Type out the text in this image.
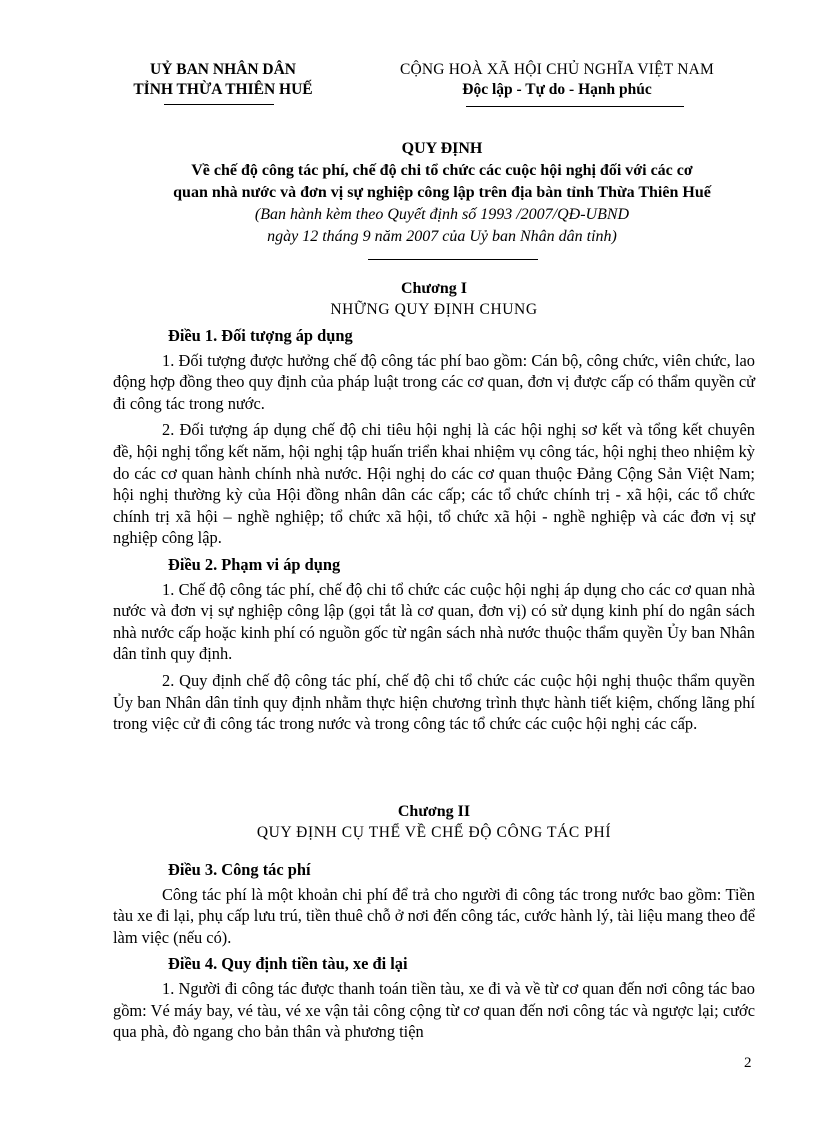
UỶ BAN NHÂN DÂN
TỈNH THỪA THIÊN HUẾ
CỘNG HOÀ XÃ HỘI CHỦ NGHĨA VIỆT NAM
Độc lập - Tự do - Hạnh phúc
QUY ĐỊNH
Về chế độ công tác phí, chế độ chi tổ chức các cuộc hội nghị đối với các cơ
quan nhà nước và đơn vị sự nghiệp công lập trên địa bàn tỉnh Thừa Thiên Huế
(Ban hành kèm theo Quyết định số 1993 /2007/QĐ-UBND
ngày 12 tháng 9 năm 2007 của Uỷ ban Nhân dân tỉnh)
Chương I
NHỮNG QUY ĐỊNH CHUNG
Điều 1. Đối tượng áp dụng

1. Đối tượng được hưởng chế độ công tác phí bao gồm: Cán bộ, công chức, viên chức, lao động hợp đồng theo quy định của pháp luật trong các cơ quan, đơn vị được cấp có thẩm quyền cử đi công tác trong nước.

2. Đối tượng áp dụng chế độ chi tiêu hội nghị là các hội nghị sơ kết và tổng kết chuyên đề, hội nghị tổng kết năm, hội nghị tập huấn triển khai nhiệm vụ công tác, hội nghị theo nhiệm kỳ do các cơ quan hành chính nhà nước. Hội nghị do các cơ quan thuộc Đảng Cộng Sản Việt Nam; hội nghị thường kỳ của Hội đồng nhân dân các cấp; các tổ chức chính trị - xã hội, các tổ chức chính trị xã hội – nghề nghiệp; tổ chức xã hội, tổ chức xã hội - nghề nghiệp và các đơn vị sự nghiệp công lập.

Điều 2. Phạm vi áp dụng

1. Chế độ công tác phí, chế độ chi tổ chức các cuộc hội nghị áp dụng cho các cơ quan nhà nước và đơn vị sự nghiệp công lập (gọi tắt là cơ quan, đơn vị) có sử dụng kinh phí do ngân sách nhà nước cấp hoặc kinh phí có nguồn gốc từ ngân sách nhà nước thuộc thẩm quyền Ủy ban Nhân dân tỉnh quy định.

2. Quy định chế độ công tác phí, chế độ chi tổ chức các cuộc hội nghị thuộc thẩm quyền Ủy ban Nhân dân tỉnh quy định nhằm thực hiện chương trình thực hành tiết kiệm, chống lãng phí trong việc cử đi công tác trong nước và trong công tác tổ chức các cuộc hội nghị các cấp.

Chương II
QUY ĐỊNH CỤ THỂ VỀ CHẾ ĐỘ CÔNG TÁC PHÍ
Điều 3. Công tác phí

Công tác phí là một khoản chi phí để trả cho người đi công tác trong nước bao gồm: Tiền tàu xe đi lại, phụ cấp lưu trú, tiền thuê chỗ ở nơi đến công tác, cước hành lý, tài liệu mang theo để làm việc (nếu có).

Điều 4. Quy định tiền tàu, xe đi lại

1. Người đi công tác được thanh toán tiền tàu, xe đi và về từ cơ quan đến nơi công tác bao gồm: Vé máy bay, vé tàu, vé xe vận tải công cộng từ cơ quan đến nơi công tác và ngược lại; cước qua phà, đò ngang cho bản thân và phương tiện

2
